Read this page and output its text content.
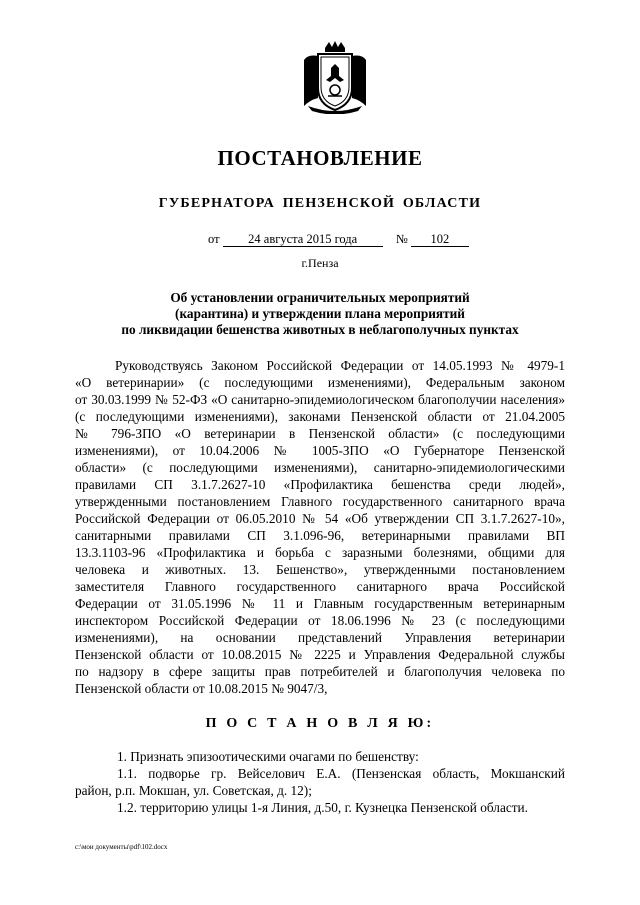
ПОСТАНОВЛЕНИЕ
ГУБЕРНАТОРА ПЕНЗЕНСКОЙ ОБЛАСТИ
от 24 августа 2015 года	№ 102
г.Пенза
Об установлении ограничительных мероприятий
(карантина) и утверждении плана мероприятий
по ликвидации бешенства животных в неблагополучных пунктах
Руководствуясь Законом Российской Федерации от 14.05.1993 № 4979-1
«О ветеринарии» (с последующими изменениями), Федеральным законом
от 30.03.1999 № 52-ФЗ «О санитарно-эпидемиологическом благополучии населения»
(с последующими изменениями), законами Пензенской области от 21.04.2005
№ 796-ЗПО «О ветеринарии в Пензенской области» (с последующими
изменениями), от 10.04.2006 № 1005-ЗПО «О Губернаторе Пензенской
области» (с последующими изменениями), санитарно-эпидемиологическими
правилами СП 3.1.7.2627-10 «Профилактика бешенства среди людей»,
утвержденными постановлением Главного государственного санитарного врача
Российской Федерации от 06.05.2010 № 54 «Об утверждении СП 3.1.7.2627-10»,
санитарными правилами СП 3.1.096-96, ветеринарными правилами ВП
13.3.1103-96 «Профилактика и борьба с заразными болезнями, общими для
человека и животных. 13. Бешенство», утвержденными постановлением
заместителя Главного государственного санитарного врача Российской
Федерации от 31.05.1996 № 11 и Главным государственным ветеринарным
инспектором Российской Федерации от 18.06.1996 № 23 (с последующими
изменениями), на основании представлений Управления ветеринарии
Пензенской области от 10.08.2015 № 2225 и Управления Федеральной службы
по надзору в сфере защиты прав потребителей и благополучия человека по
Пензенской области от 10.08.2015 № 9047/3,
П О С Т А Н О В Л Я Ю:
1. Признать эпизоотическими очагами по бешенству:
1.1. подворье гр. Вейселович Е.А. (Пензенская область, Мокшанский
район, р.п. Мокшан, ул. Советская, д. 12);
1.2. территорию улицы 1-я Линия, д.50, г. Кузнецка Пензенской области.
c:\мои документы\pdf\102.docx
